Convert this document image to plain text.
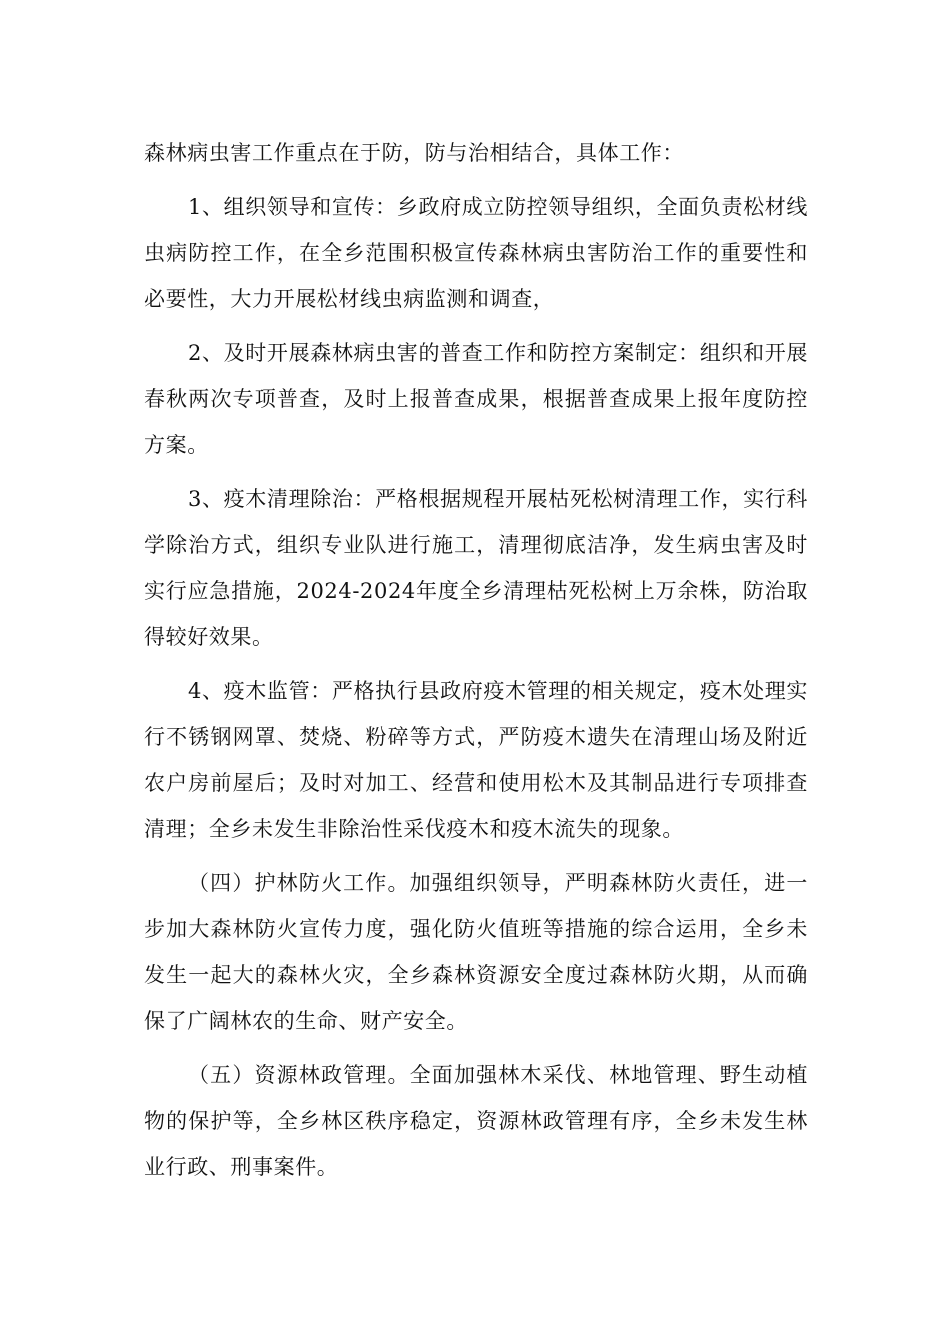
森林病虫害工作重点在于防，防与治相结合，具体工作：

1、组织领导和宣传：乡政府成立防控领导组织，全面负责松材线虫病防控工作，在全乡范围积极宣传森林病虫害防治工作的重要性和必要性，大力开展松材线虫病监测和调查，

2、及时开展森林病虫害的普查工作和防控方案制定：组织和开展春秋两次专项普查，及时上报普查成果，根据普查成果上报年度防控方案。

3、疫木清理除治：严格根据规程开展枯死松树清理工作，实行科学除治方式，组织专业队进行施工，清理彻底洁净，发生病虫害及时实行应急措施，2024-2024年度全乡清理枯死松树上万余株，防治取得较好效果。

4、疫木监管：严格执行县政府疫木管理的相关规定，疫木处理实行不锈钢网罩、焚烧、粉碎等方式，严防疫木遗失在清理山场及附近农户房前屋后；及时对加工、经营和使用松木及其制品进行专项排查清理；全乡未发生非除治性采伐疫木和疫木流失的现象。

（四）护林防火工作。加强组织领导，严明森林防火责任，进一步加大森林防火宣传力度，强化防火值班等措施的综合运用，全乡未发生一起大的森林火灾，全乡森林资源安全度过森林防火期，从而确保了广阔林农的生命、财产安全。

（五）资源林政管理。全面加强林木采伐、林地管理、野生动植物的保护等，全乡林区秩序稳定，资源林政管理有序，全乡未发生林业行政、刑事案件。
